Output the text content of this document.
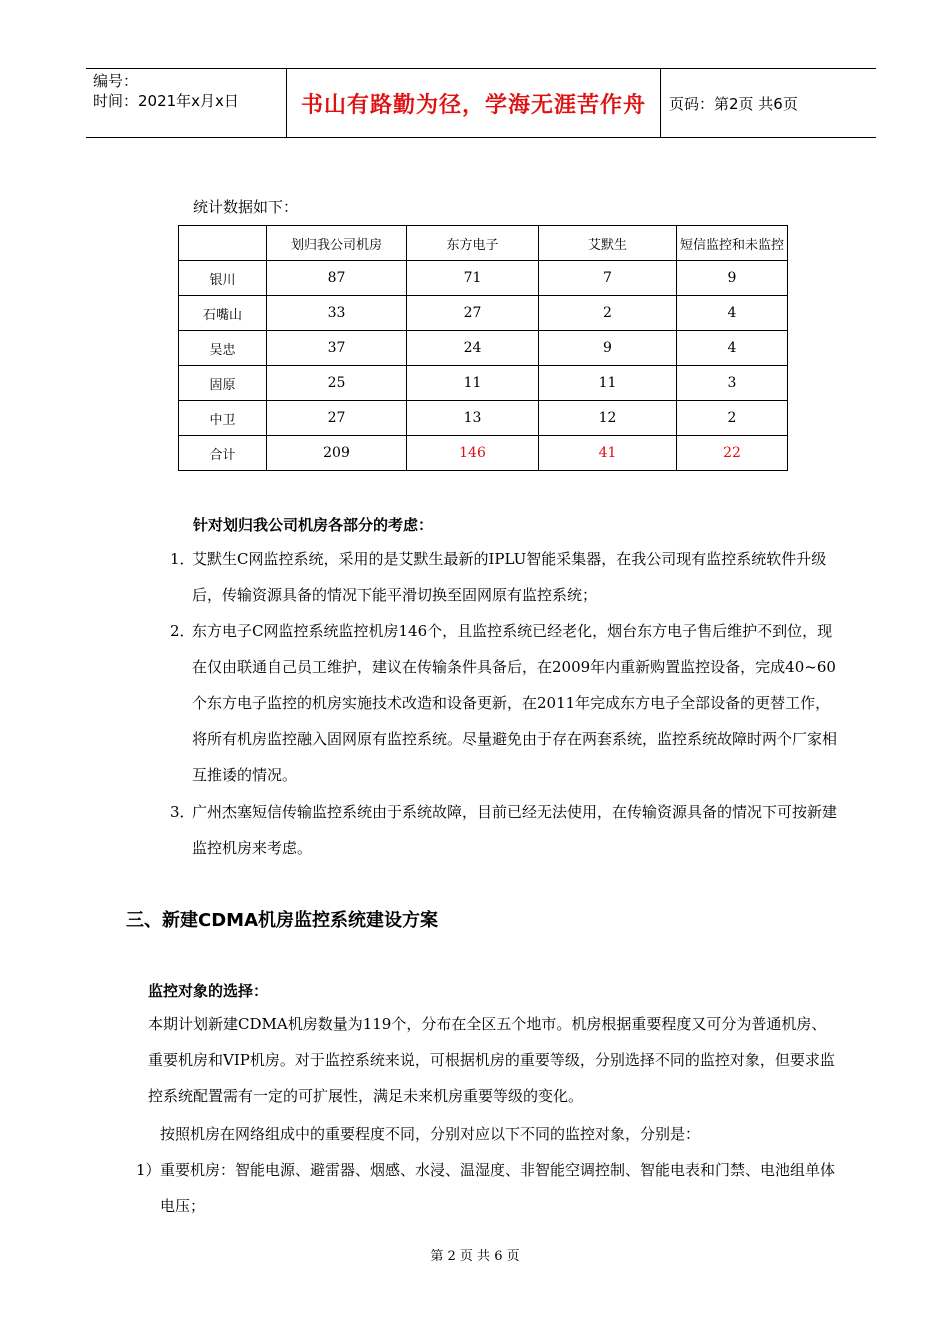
编号：
时间：2021年x月x日	书山有路勤为径，学海无涯苦作舟	页码：第2页 共6页
统计数据如下：
	划归我公司机房	东方电子	艾默生	短信监控和未监控
银川	87	71	7	9
石嘴山	33	27	2	4
吴忠	37	24	9	4
固原	25	11	11	3
中卫	27	13	12	2
合计	209	146	41	22
针对划归我公司机房各部分的考虑：
1．
艾默生C网监控系统，采用的是艾默生最新的IPLU智能采集器，在我公司现有监控系统软件升级后，传输资源具备的情况下能平滑切换至固网原有监控系统；
2．
东方电子C网监控系统监控机房146个，且监控系统已经老化，烟台东方电子售后维护不到位，现在仅由联通自己员工维护，建议在传输条件具备后，在2009年内重新购置监控设备，完成40~60个东方电子监控的机房实施技术改造和设备更新，在2011年完成东方电子全部设备的更替工作，将所有机房监控融入固网原有监控系统。尽量避免由于存在两套系统，监控系统故障时两个厂家相互推诿的情况。
3．
广州杰塞短信传输监控系统由于系统故障，目前已经无法使用，在传输资源具备的情况下可按新建监控机房来考虑。
三、新建CDMA机房监控系统建设方案
监控对象的选择：
本期计划新建CDMA机房数量为119个，分布在全区五个地市。机房根据重要程度又可分为普通机房、重要机房和VIP机房。对于监控系统来说，可根据机房的重要等级，分别选择不同的监控对象，但要求监控系统配置需有一定的可扩展性，满足未来机房重要等级的变化。
按照机房在网络组成中的重要程度不同，分别对应以下不同的监控对象，分别是：
1） 重要机房：智能电源、避雷器、烟感、水浸、温湿度、非智能空调控制、智能电表和门禁、电池组单体电压；
第 2 页 共 6 页
